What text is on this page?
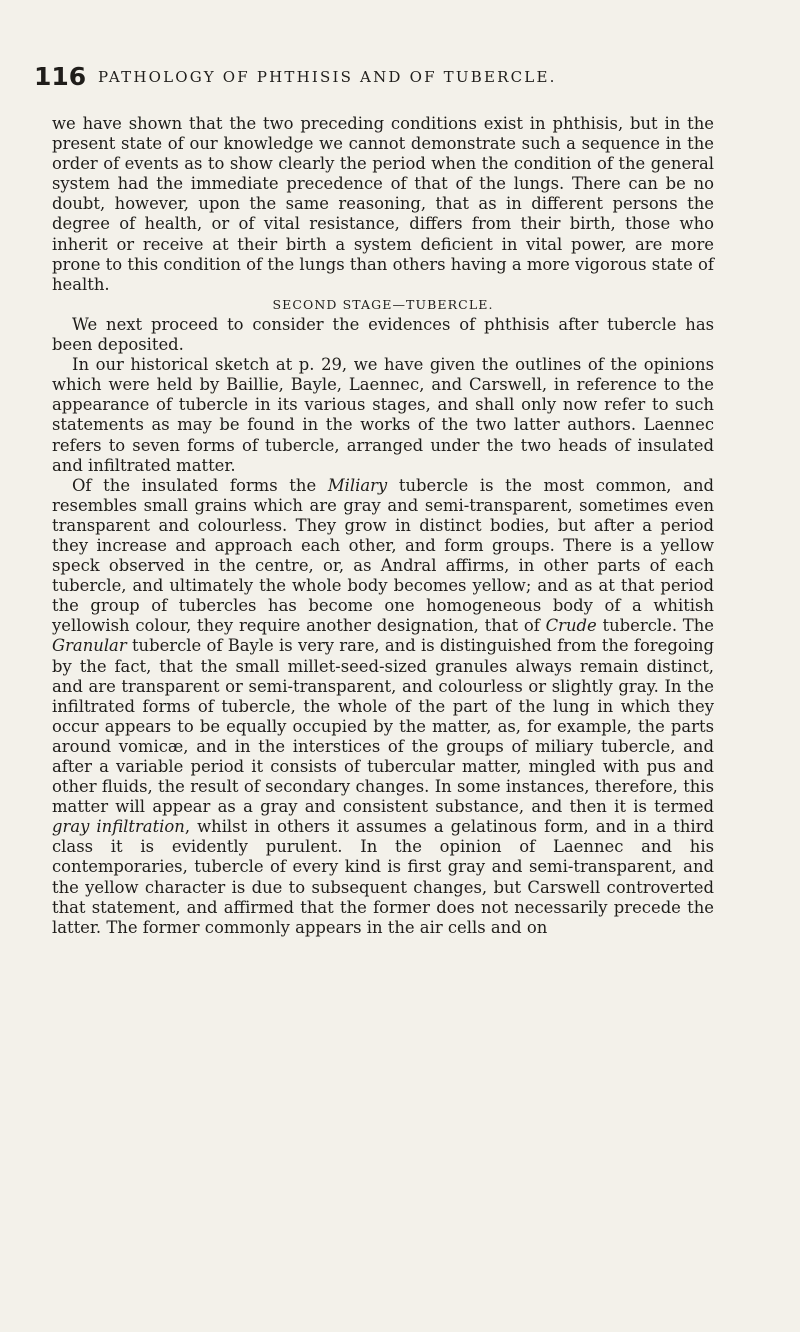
116 PATHOLOGY OF PHTHISIS AND OF TUBERCLE.

we have shown that the two preceding conditions exist in phthisis, but in the present state of our knowledge we cannot demonstrate such a sequence in the order of events as to show clearly the period when the condition of the general system had the immediate precedence of that of the lungs. There can be no doubt, however, upon the same reasoning, that as in different persons the degree of health, or of vital resistance, differs from their birth, those who inherit or receive at their birth a system deficient in vital power, are more prone to this condition of the lungs than others having a more vigorous state of health.

SECOND STAGE—TUBERCLE.

We next proceed to consider the evidences of phthisis after tubercle has been deposited.

In our historical sketch at p. 29, we have given the outlines of the opinions which were held by Baillie, Bayle, Laennec, and Carswell, in reference to the appearance of tubercle in its various stages, and shall only now refer to such statements as may be found in the works of the two latter authors. Laennec refers to seven forms of tubercle, arranged under the two heads of insulated and infiltrated matter.

Of the insulated forms the Miliary tubercle is the most common, and resembles small grains which are gray and semi-transparent, sometimes even transparent and colourless. They grow in distinct bodies, but after a period they increase and approach each other, and form groups. There is a yellow speck observed in the centre, or, as Andral affirms, in other parts of each tubercle, and ultimately the whole body becomes yellow; and as at that period the group of tubercles has become one homogeneous body of a whitish yellowish colour, they require another designation, that of Crude tubercle. The Granular tubercle of Bayle is very rare, and is distinguished from the foregoing by the fact, that the small millet-seed-sized granules always remain distinct, and are transparent or semi-transparent, and colourless or slightly gray. In the infiltrated forms of tubercle, the whole of the part of the lung in which they occur appears to be equally occupied by the matter, as, for example, the parts around vomicæ, and in the interstices of the groups of miliary tubercle, and after a variable period it consists of tubercular matter, mingled with pus and other fluids, the result of secondary changes. In some instances, therefore, this matter will appear as a gray and consistent substance, and then it is termed gray infiltration, whilst in others it assumes a gelatinous form, and in a third class it is evidently purulent. In the opinion of Laennec and his contemporaries, tubercle of every kind is first gray and semi-transparent, and the yellow character is due to subsequent changes, but Carswell controverted that statement, and affirmed that the former does not necessarily precede the latter. The former commonly appears in the air cells and on
